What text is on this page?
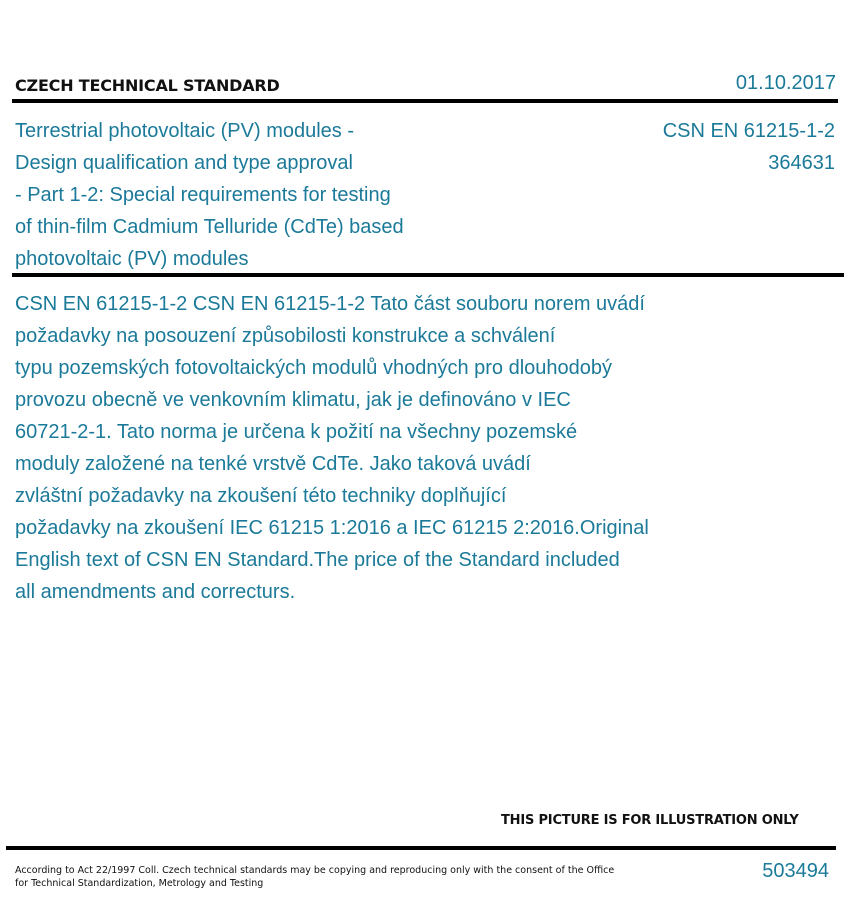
CZECH TECHNICAL STANDARD	01.10.2017
Terrestrial photovoltaic (PV) modules -
Design qualification and type approval
- Part 1-2: Special requirements for testing
of thin-film Cadmium Telluride (CdTe) based
photovoltaic (PV) modules
CSN EN 61215-1-2
364631
CSN EN 61215-1-2 CSN EN 61215-1-2 Tato část souboru norem uvádí
požadavky na posouzení způsobilosti konstrukce a schválení
typu pozemských fotovoltaických modulů vhodných pro dlouhodobý
provozu obecně ve venkovním klimatu, jak je definováno v IEC
60721-2-1. Tato norma je určena k požití na všechny pozemské
moduly založené na tenké vrstvě CdTe. Jako taková uvádí
zvláštní požadavky na zkoušení této techniky doplňující
požadavky na zkoušení IEC 61215 1:2016 a IEC 61215 2:2016.Original
English text of CSN EN Standard.The price of the Standard included
all amendments and correcturs.
THIS PICTURE IS FOR ILLUSTRATION ONLY
According to Act 22/1997 Coll. Czech technical standards may be copying and reproducing only with the consent of the Office
for Technical Standardization, Metrology and Testing
503494
